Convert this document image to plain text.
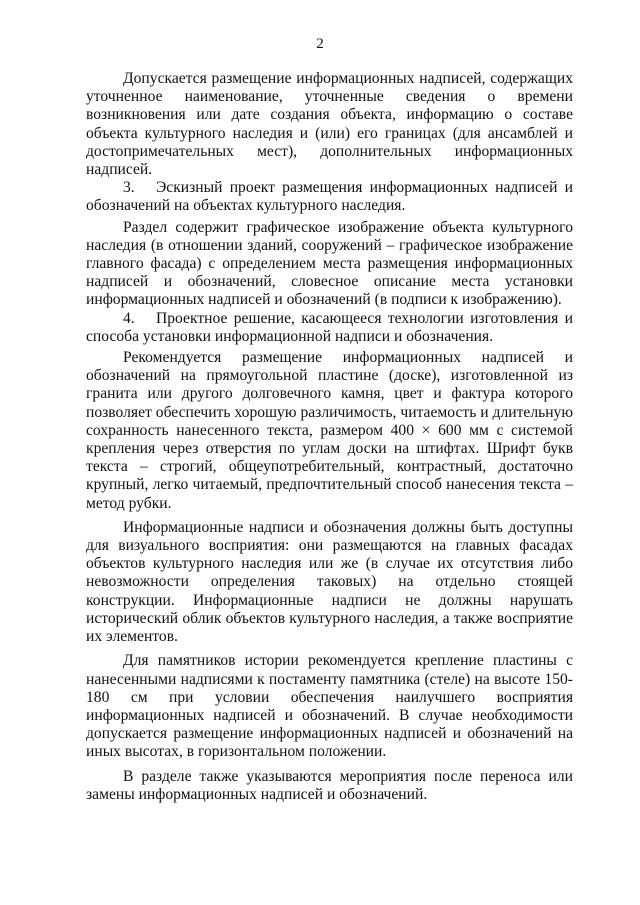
2

Допускается размещение информационных надписей, содержащих уточненное наименование, уточненные сведения о времени возникновения или дате создания объекта, информацию о составе объекта культурного наследия и (или) его границах (для ансамблей и достопримечательных мест), дополнительных информационных надписей.

3. Эскизный проект размещения информационных надписей и обозначений на объектах культурного наследия.

Раздел содержит графическое изображение объекта культурного наследия (в отношении зданий, сооружений – графическое изображение главного фасада) с определением места размещения информационных надписей и обозначений, словесное описание места установки информационных надписей и обозначений (в подписи к изображению).

4. Проектное решение, касающееся технологии изготовления и способа установки информационной надписи и обозначения.

Рекомендуется размещение информационных надписей и обозначений на прямоугольной пластине (доске), изготовленной из гранита или другого долговечного камня, цвет и фактура которого позволяет обеспечить хорошую различимость, читаемость и длительную сохранность нанесенного текста, размером 400 × 600 мм с системой крепления через отверстия по углам доски на штифтах. Шрифт букв текста – строгий, общеупотребительный, контрастный, достаточно крупный, легко читаемый, предпочтительный способ нанесения текста – метод рубки.

Информационные надписи и обозначения должны быть доступны для визуального восприятия: они размещаются на главных фасадах объектов культурного наследия или же (в случае их отсутствия либо невозможности определения таковых) на отдельно стоящей конструкции. Информационные надписи не должны нарушать исторический облик объектов культурного наследия, а также восприятие их элементов.

Для памятников истории рекомендуется крепление пластины с нанесенными надписями к постаменту памятника (стеле) на высоте 150-180 см при условии обеспечения наилучшего восприятия информационных надписей и обозначений. В случае необходимости допускается размещение информационных надписей и обозначений на иных высотах, в горизонтальном положении.

В разделе также указываются мероприятия после переноса или замены информационных надписей и обозначений.
